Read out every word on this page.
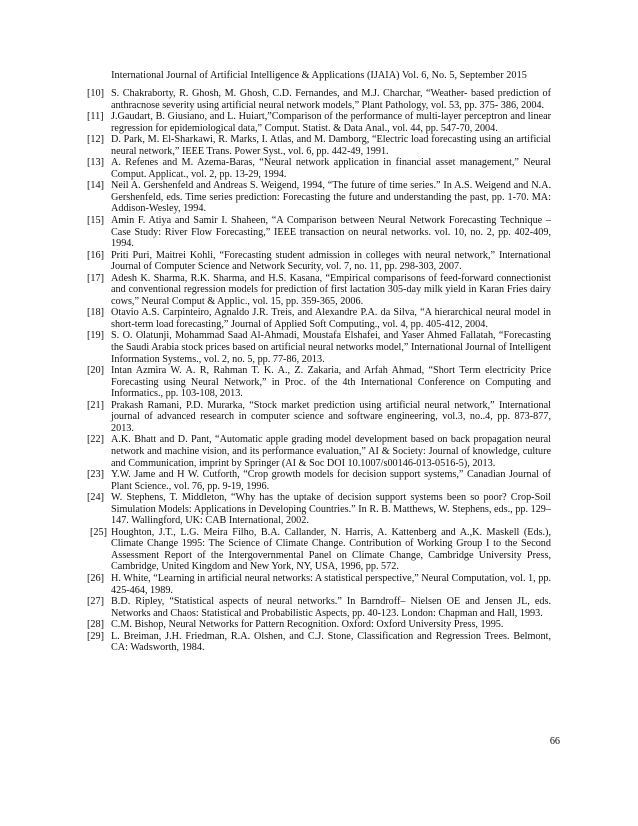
International Journal of Artificial Intelligence & Applications (IJAIA) Vol. 6, No. 5, September 2015
[10] S. Chakraborty, R. Ghosh, M. Ghosh, C.D. Fernandes, and M.J. Charchar, “Weather- based prediction of anthracnose severity using artificial neural network models,” Plant Pathology, vol. 53, pp. 375- 386, 2004.
[11] J.Gaudart, B. Giusiano, and L. Huiart,”Comparison of the performance of multi-layer perceptron and linear regression for epidemiological data,” Comput. Statist. & Data Anal., vol. 44, pp. 547-70, 2004.
[12] D. Park, M. El-Sharkawi, R. Marks, I. Atlas, and M. Damborg, “Electric load forecasting using an artificial neural network,” IEEE Trans. Power Syst., vol. 6, pp. 442-49, 1991.
[13] A. Refenes and M. Azema-Baras, “Neural network application in financial asset management,” Neural Comput. Applicat., vol. 2, pp. 13-29, 1994.
[14] Neil A. Gershenfeld and Andreas S. Weigend, 1994, “The future of time series.” In A.S. Weigend and N.A. Gershenfeld, eds. Time series prediction: Forecasting the future and understanding the past, pp. 1-70. MA: Addison-Wesley, 1994.
[15] Amin F. Atiya and Samir I. Shaheen, “A Comparison between Neural Network Forecasting Technique – Case Study: River Flow Forecasting,” IEEE transaction on neural networks. vol. 10, no. 2, pp. 402-409, 1994.
[16] Priti Puri, Maitrei Kohli, “Forecasting student admission in colleges with neural network,” International Journal of Computer Science and Network Security, vol. 7, no. 11, pp. 298-303, 2007.
[17] Adesh K. Sharma, R.K. Sharma, and H.S. Kasana, “Empirical comparisons of feed-forward connectionist and conventional regression models for prediction of first lactation 305-day milk yield in Karan Fries dairy cows,” Neural Comput & Applic., vol. 15, pp. 359-365, 2006.
[18] Otavio A.S. Carpinteiro, Agnaldo J.R. Treis, and Alexandre P.A. da Silva, “A hierarchical neural model in short-term load forecasting,” Journal of Applied Soft Computing., vol. 4, pp. 405-412, 2004.
[19] S. O. Olatunji, Mohammad Saad Al-Ahmadi, Moustafa Elshafei, and Yaser Ahmed Fallatah, “Forecasting the Saudi Arabia stock prices based on artificial neural networks model,” International Journal of Intelligent Information Systems., vol. 2, no. 5, pp. 77-86, 2013.
[20] Intan Azmira W. A. R, Rahman T. K. A., Z. Zakaria, and Arfah Ahmad, “Short Term electricity Price Forecasting using Neural Network,” in Proc. of the 4th International Conference on Computing and Informatics., pp. 103-108, 2013.
[21] Prakash Ramani, P.D. Murarka, “Stock market prediction using artificial neural network,” International journal of advanced research in computer science and software engineering, vol.3, no..4, pp. 873-877, 2013.
[22] A.K. Bhatt and D. Pant, “Automatic apple grading model development based on back propagation neural network and machine vision, and its performance evaluation,” AI & Society: Journal of knowledge, culture and Communication, imprint by Springer (AI & Soc DOI 10.1007/s00146-013-0516-5), 2013.
[23] Y.W. Jame and H W. Cutforth, “Crop growth models for decision support systems,” Canadian Journal of Plant Science., vol. 76, pp. 9-19, 1996.
[24] W. Stephens, T. Middleton, “Why has the uptake of decision support systems been so poor? Crop-Soil Simulation Models: Applications in Developing Countries.” In R. B. Matthews, W. Stephens, eds., pp. 129–147. Wallingford, UK: CAB International, 2002.
[25] Houghton, J.T., L.G. Meira Filho, B.A. Callander, N. Harris, A. Kattenberg and A.,K. Maskell (Eds.), Climate Change 1995: The Science of Climate Change. Contribution of Working Group I to the Second Assessment Report of the Intergovernmental Panel on Climate Change, Cambridge University Press, Cambridge, United Kingdom and New York, NY, USA, 1996, pp. 572.
[26] H. White, “Learning in artificial neural networks: A statistical perspective,” Neural Computation, vol. 1, pp. 425-464, 1989.
[27] B.D. Ripley, “Statistical aspects of neural networks.” In Barndroff– Nielsen OE and Jensen JL, eds. Networks and Chaos: Statistical and Probabilistic Aspects, pp. 40-123. London: Chapman and Hall, 1993.
[28] C.M. Bishop, Neural Networks for Pattern Recognition. Oxford: Oxford University Press, 1995.
[29] L. Breiman, J.H. Friedman, R.A. Olshen, and C.J. Stone, Classification and Regression Trees. Belmont, CA: Wadsworth, 1984.
66
